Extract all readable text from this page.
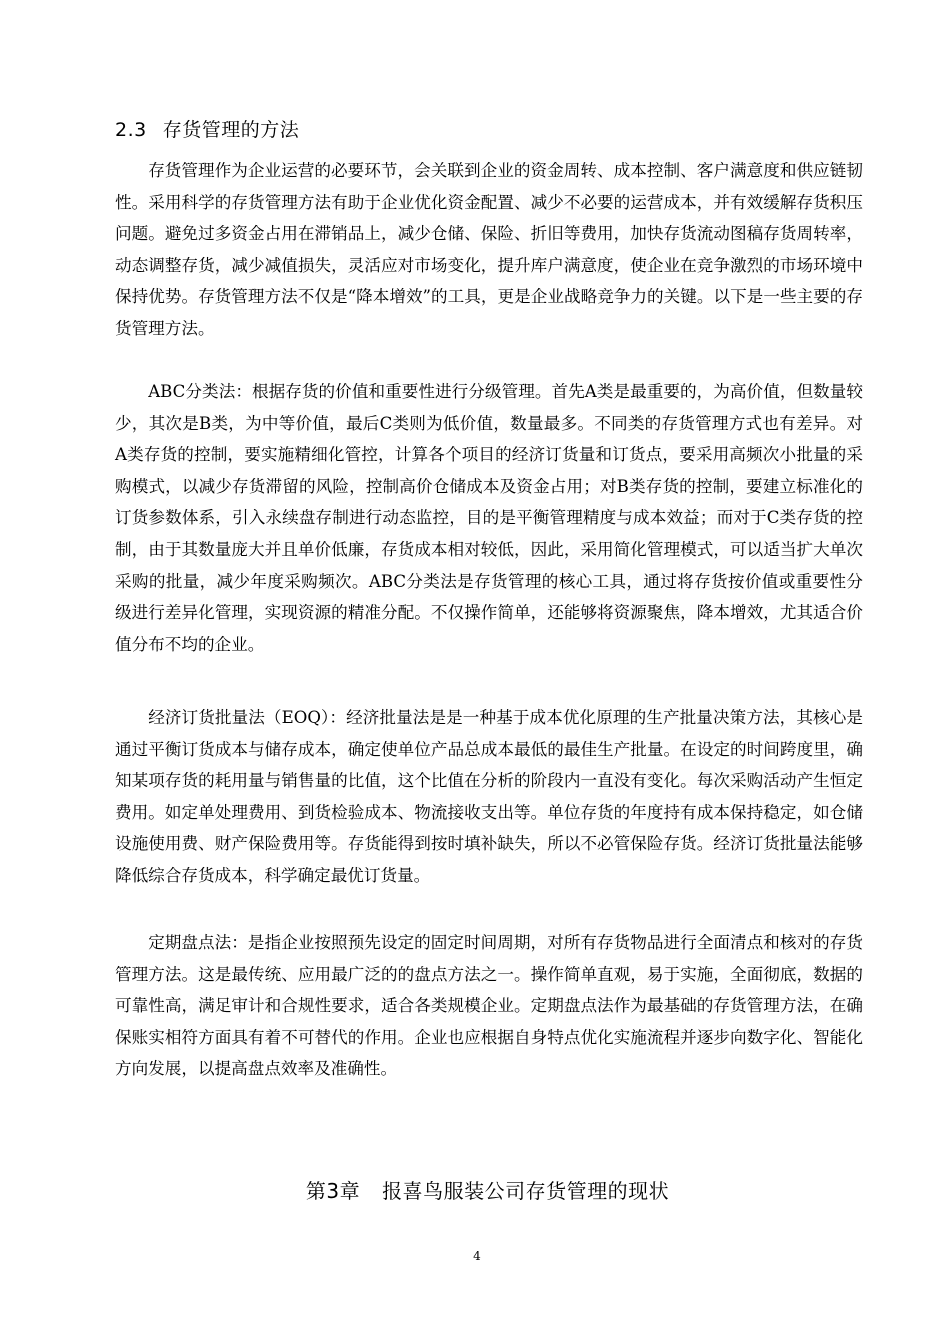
2.3 存货管理的方法

存货管理作为企业运营的必要环节，会关联到企业的资金周转、成本控制、客户满意度和供应链韧性。采用科学的存货管理方法有助于企业优化资金配置、减少不必要的运营成本，并有效缓解存货积压问题。避免过多资金占用在滞销品上，减少仓储、保险、折旧等费用，加快存货流动图稿存货周转率，动态调整存货，减少减值损失，灵活应对市场变化，提升库户满意度，使企业在竞争激烈的市场环境中保持优势。存货管理方法不仅是“降本增效”的工具，更是企业战略竞争力的关键。以下是一些主要的存货管理方法。

ABC分类法：根据存货的价值和重要性进行分级管理。首先A类是最重要的，为高价值，但数量较少，其次是B类，为中等价值，最后C类则为低价值，数量最多。不同类的存货管理方式也有差异。对A类存货的控制，要实施精细化管控，计算各个项目的经济订货量和订货点，要采用高频次小批量的采购模式，以减少存货滞留的风险，控制高价仓储成本及资金占用；对B类存货的控制，要建立标准化的订货参数体系，引入永续盘存制进行动态监控，目的是平衡管理精度与成本效益；而对于C类存货的控制，由于其数量庞大并且单价低廉，存货成本相对较低，因此，采用简化管理模式，可以适当扩大单次采购的批量，减少年度采购频次。ABC分类法是存货管理的核心工具，通过将存货按价值或重要性分级进行差异化管理，实现资源的精准分配。不仅操作简单，还能够将资源聚焦，降本增效，尤其适合价值分布不均的企业。

经济订货批量法（EOQ）：经济批量法是是一种基于成本优化原理的生产批量决策方法，其核心是通过平衡订货成本与储存成本，确定使单位产品总成本最低的最佳生产批量。在设定的时间跨度里，确知某项存货的耗用量与销售量的比值，这个比值在分析的阶段内一直没有变化。每次采购活动产生恒定费用。如定单处理费用、到货检验成本、物流接收支出等。单位存货的年度持有成本保持稳定，如仓储设施使用费、财产保险费用等。存货能得到按时填补缺失，所以不必管保险存货。经济订货批量法能够降低综合存货成本，科学确定最优订货量。

定期盘点法：是指企业按照预先设定的固定时间周期，对所有存货物品进行全面清点和核对的存货管理方法。这是最传统、应用最广泛的的盘点方法之一。操作简单直观，易于实施，全面彻底，数据的可靠性高，满足审计和合规性要求，适合各类规模企业。定期盘点法作为最基础的存货管理方法，在确保账实相符方面具有着不可替代的作用。企业也应根据自身特点优化实施流程并逐步向数字化、智能化方向发展，以提高盘点效率及准确性。

第3章 报喜鸟服装公司存货管理的现状
4
